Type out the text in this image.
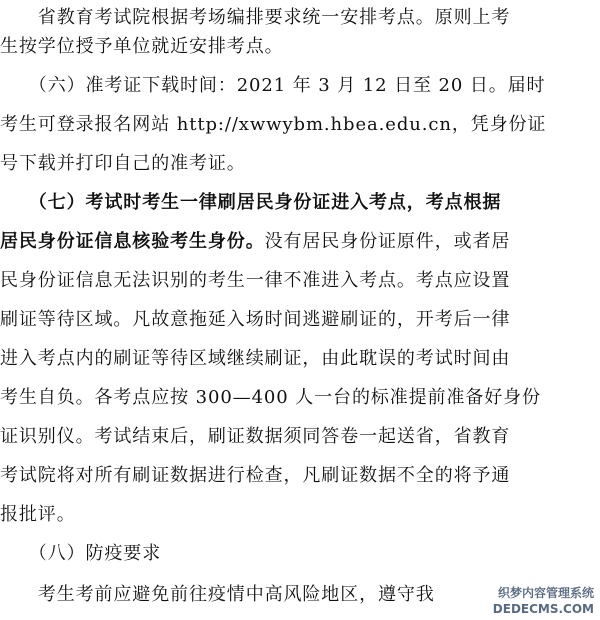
　　省教育考试院根据考场编排要求统一安排考点。原则上考
生按学位授予单位就近安排考点。
　　（六）准考证下载时间：2021 年 3 月 12 日至 20 日。届时
考生可登录报名网站 http://xwwybm.hbea.edu.cn，凭身份证
号下载并打印自己的准考证。
　　（七）考试时考生一律刷居民身份证进入考点，考点根据
居民身份证信息核验考生身份。没有居民身份证原件，或者居
民身份证信息无法识别的考生一律不准进入考点。考点应设置
刷证等待区域。凡故意拖延入场时间逃避刷证的，开考后一律
进入考点内的刷证等待区域继续刷证，由此耽误的考试时间由
考生自负。各考点应按 300—400 人一台的标准提前准备好身份
证识别仪。考试结束后，刷证数据须同答卷一起送省，省教育
考试院将对所有刷证数据进行检查，凡刷证数据不全的将予通
报批评。
　　（八）防疫要求
　　考生考前应避免前往疫情中高风险地区，遵守我	织梦内容管理系统
DEDECMS.COM
